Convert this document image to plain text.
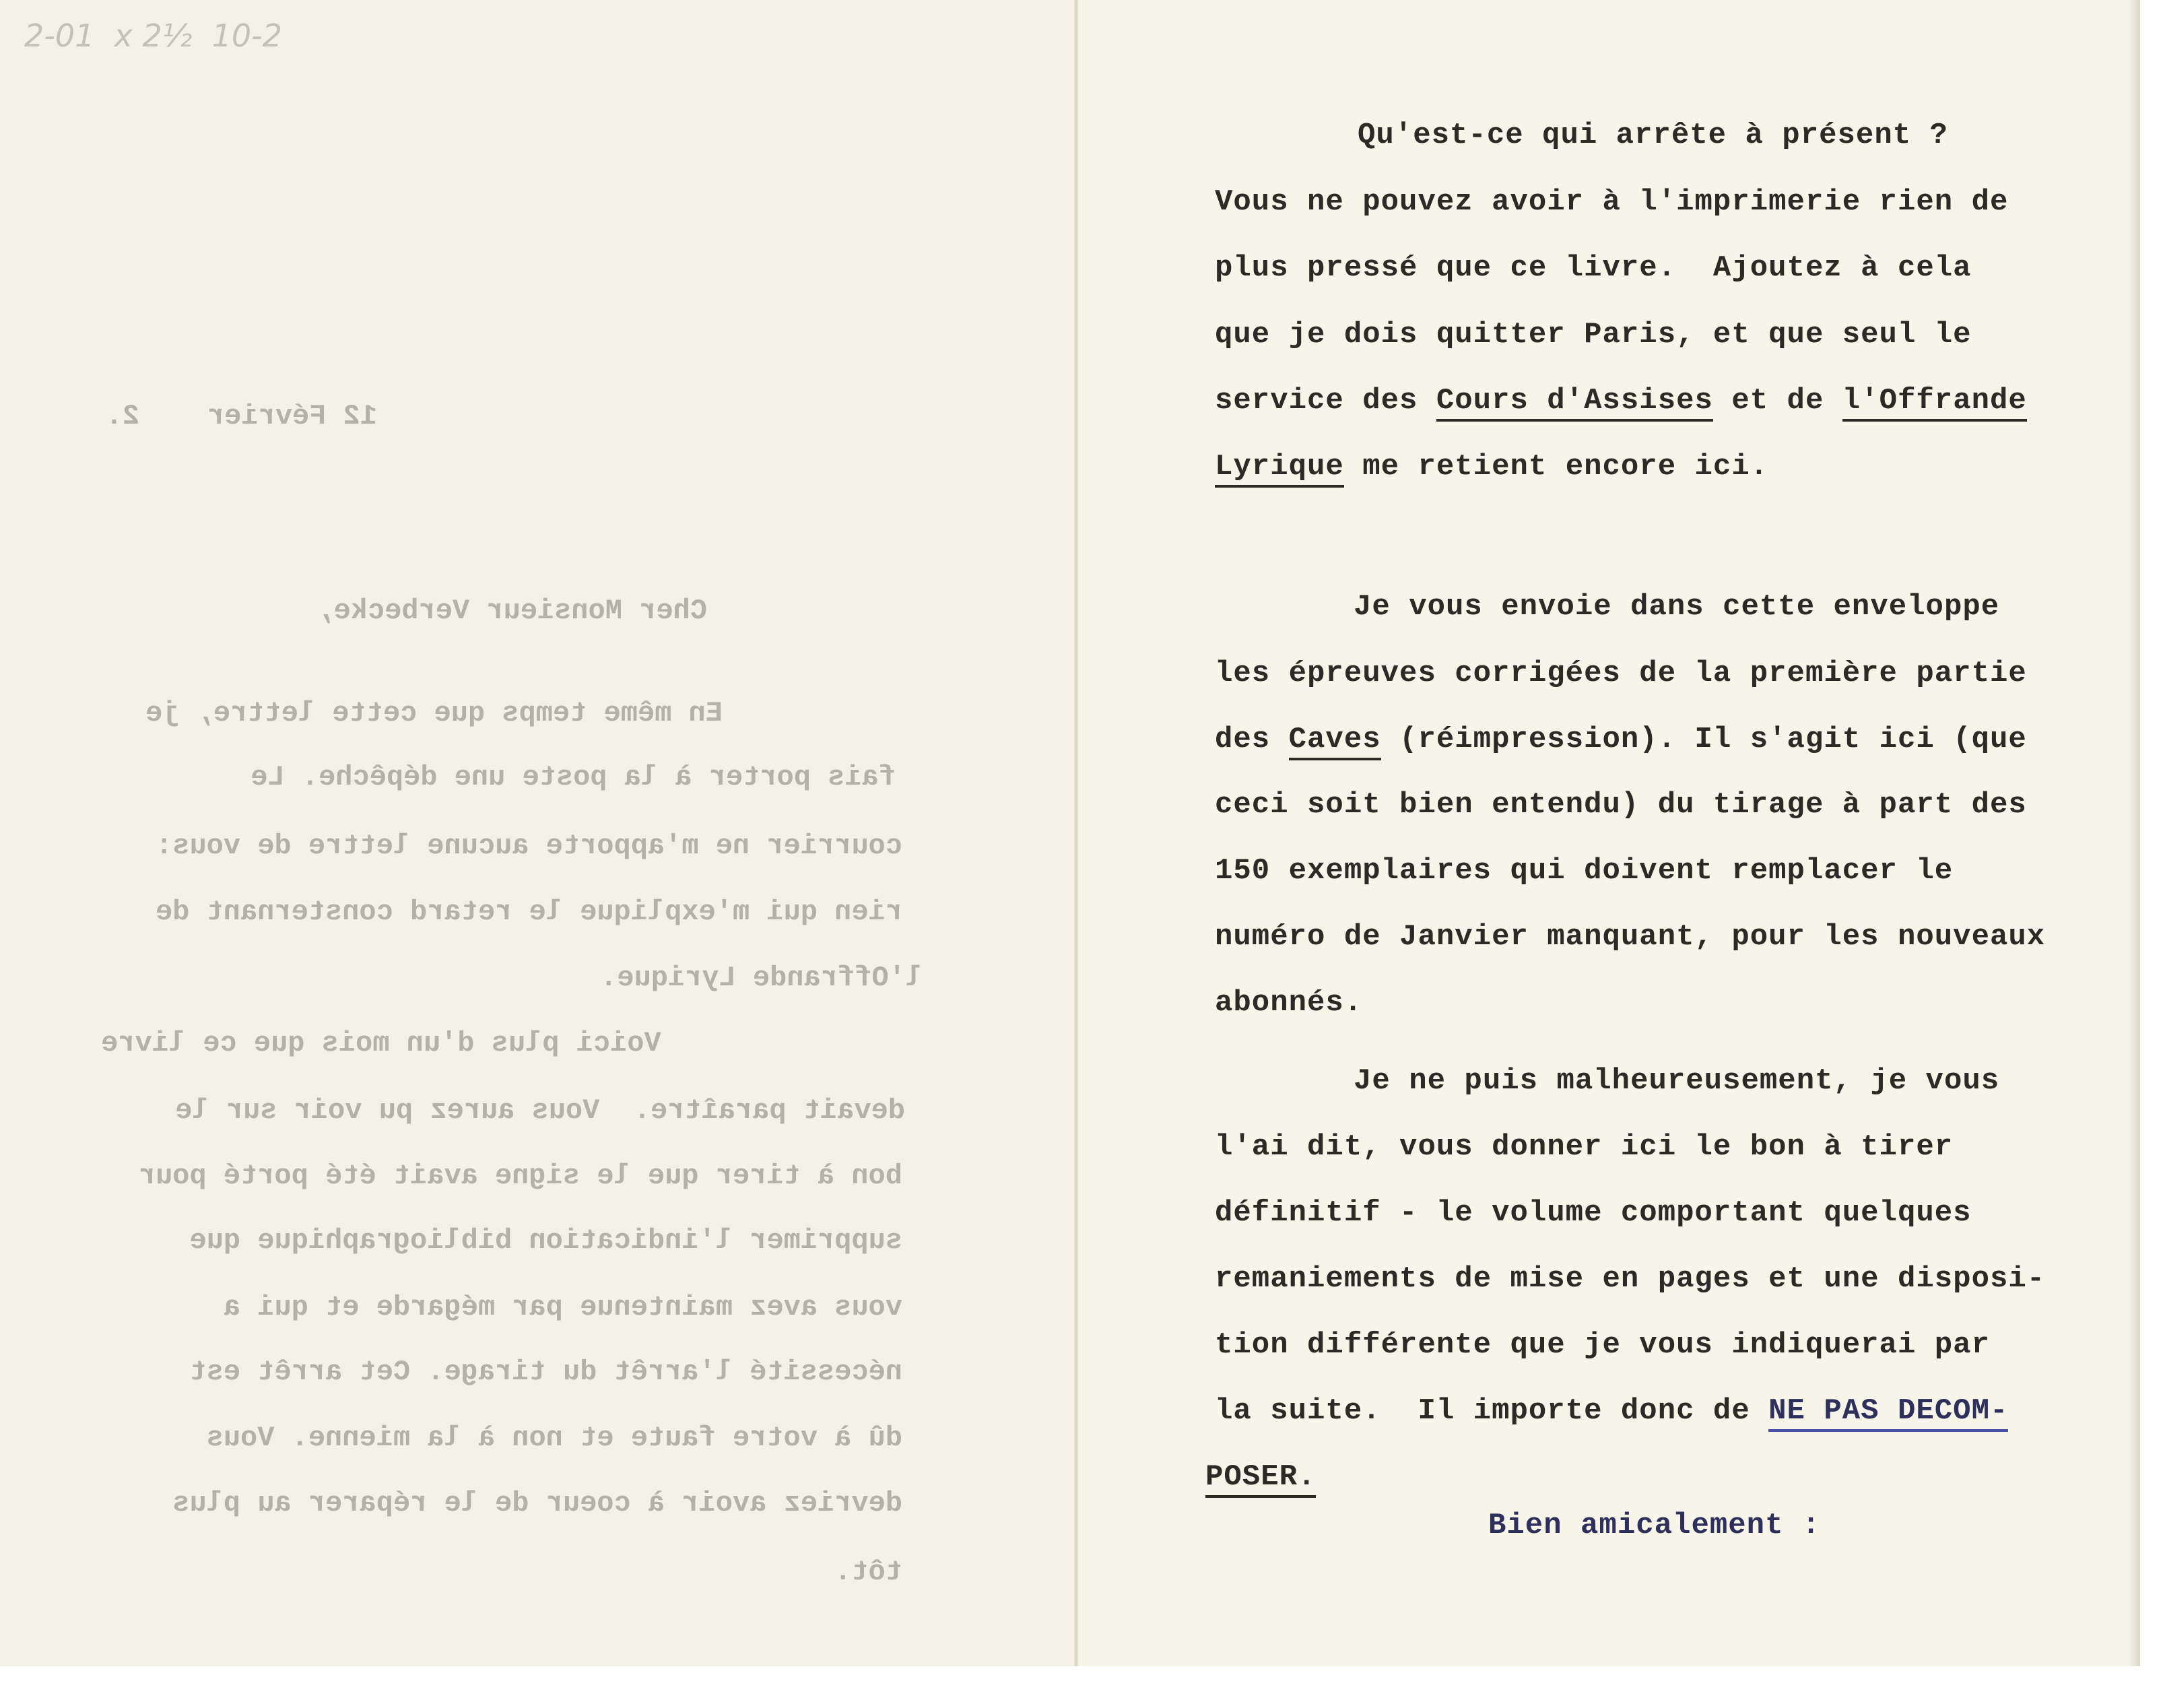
2-01  x 2½  10-2
12 Février    2.
Cher Monsieur Verbecke,
En même temps que cette lettre, je
fais porter à la poste une dépêche. Le
courrier ne m'apporte aucune lettre de vous:
rien qui m'explique le retard consternant de
l'Offrande Lyrique.
Voici plus d'un mois que ce livre
devait paraître.  Vous aurez pu voir sur le
bon à tirer que le signe avait été porté pour
supprimer l'indication bibliographique que
vous avez maintenue par mégarde et qui a
nécessité l'arrêt du tirage. Cet arrêt est
dû à votre faute et non à la mienne. Vous
devriez avoir à coeur de le réparer au plus
tôt.
Qu'est-ce qui arrête à présent ?
Vous ne pouvez avoir à l'imprimerie rien de
plus pressé que ce livre.  Ajoutez à cela
que je dois quitter Paris, et que seul le
service des Cours d'Assises et de l'Offrande
Lyrique me retient encore ici.
Je vous envoie dans cette enveloppe
les épreuves corrigées de la première partie
des Caves (réimpression). Il s'agit ici (que
ceci soit bien entendu) du tirage à part des
150 exemplaires qui doivent remplacer le
numéro de Janvier manquant, pour les nouveaux
abonnés.
Je ne puis malheureusement, je vous
l'ai dit, vous donner ici le bon à tirer
définitif - le volume comportant quelques
remaniements de mise en pages et une disposi-
tion différente que je vous indiquerai par
la suite.  Il importe donc de NE PAS DECOM-
POSER.
Bien amicalement :
